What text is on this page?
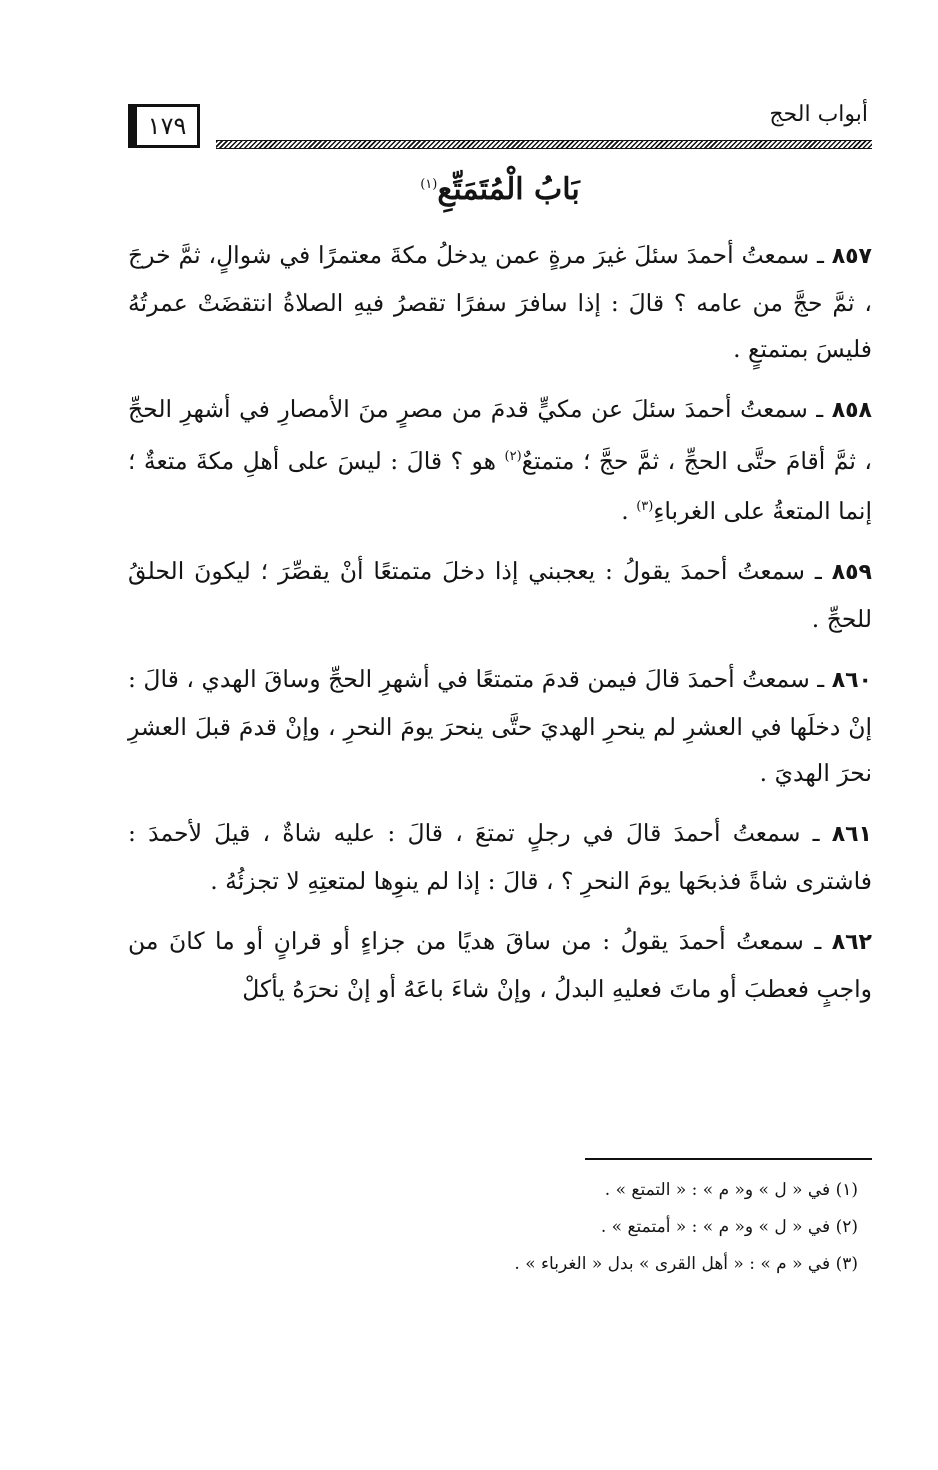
١٧٩	أبواب الحج
بَابُ الْمُتَمَتِّعِ$^{(١)}$

٨٥٧ ـ سمعتُ أحمدَ سئلَ غيرَ مرةٍ عمن يدخلُ مكةَ معتمرًا في شوالٍ، ثمَّ خرجَ ، ثمَّ حجَّ من عامه ؟ قالَ : إذا سافرَ سفرًا تقصرُ فيهِ الصلاةُ انتقضَتْ عمرتُهُ فليسَ بمتمتعٍ .

٨٥٨ ـ سمعتُ أحمدَ سئلَ عن مكيٍّ قدمَ من مصرٍ منَ الأمصارِ في أشهرِ الحجِّ ، ثمَّ أقامَ حتَّى الحجِّ ، ثمَّ حجَّ ؛ متمتعٌ$^{(٢)}$ هو ؟ قالَ : ليسَ على أهلِ مكةَ متعةٌ ؛ إنما المتعةُ على الغرباءِ$^{(٣)}$ .

٨٥٩ ـ سمعتُ أحمدَ يقولُ : يعجبني إذا دخلَ متمتعًا أنْ يقصِّرَ ؛ ليكونَ الحلقُ للحجِّ .

٨٦٠ ـ سمعتُ أحمدَ قالَ فيمن قدمَ متمتعًا في أشهرِ الحجِّ وساقَ الهدي ، قالَ : إنْ دخلَها في العشرِ لم ينحرِ الهديَ حتَّى ينحرَ يومَ النحرِ ، وإنْ قدمَ قبلَ العشرِ نحرَ الهديَ .

٨٦١ ـ سمعتُ أحمدَ قالَ في رجلٍ تمتعَ ، قالَ : عليه شاةٌ ، قيلَ لأحمدَ : فاشترى شاةً فذبحَها يومَ النحرِ ؟ ، قالَ : إذا لم ينوِها لمتعتِهِ لا تجزئُهُ .

٨٦٢ ـ سمعتُ أحمدَ يقولُ : من ساقَ هديًا من جزاءٍ أو قرانٍ أو ما كانَ من واجبٍ فعطبَ أو ماتَ فعليهِ البدلُ ، وإنْ شاءَ باعَهُ أو إنْ نحرَهُ يأكلْ

(١) في « ل » و« م » : « التمتع » .
(٢) في « ل » و« م » : « أمتمتع » .
(٣) في « م » : « أهل القرى » بدل « الغرباء » .
